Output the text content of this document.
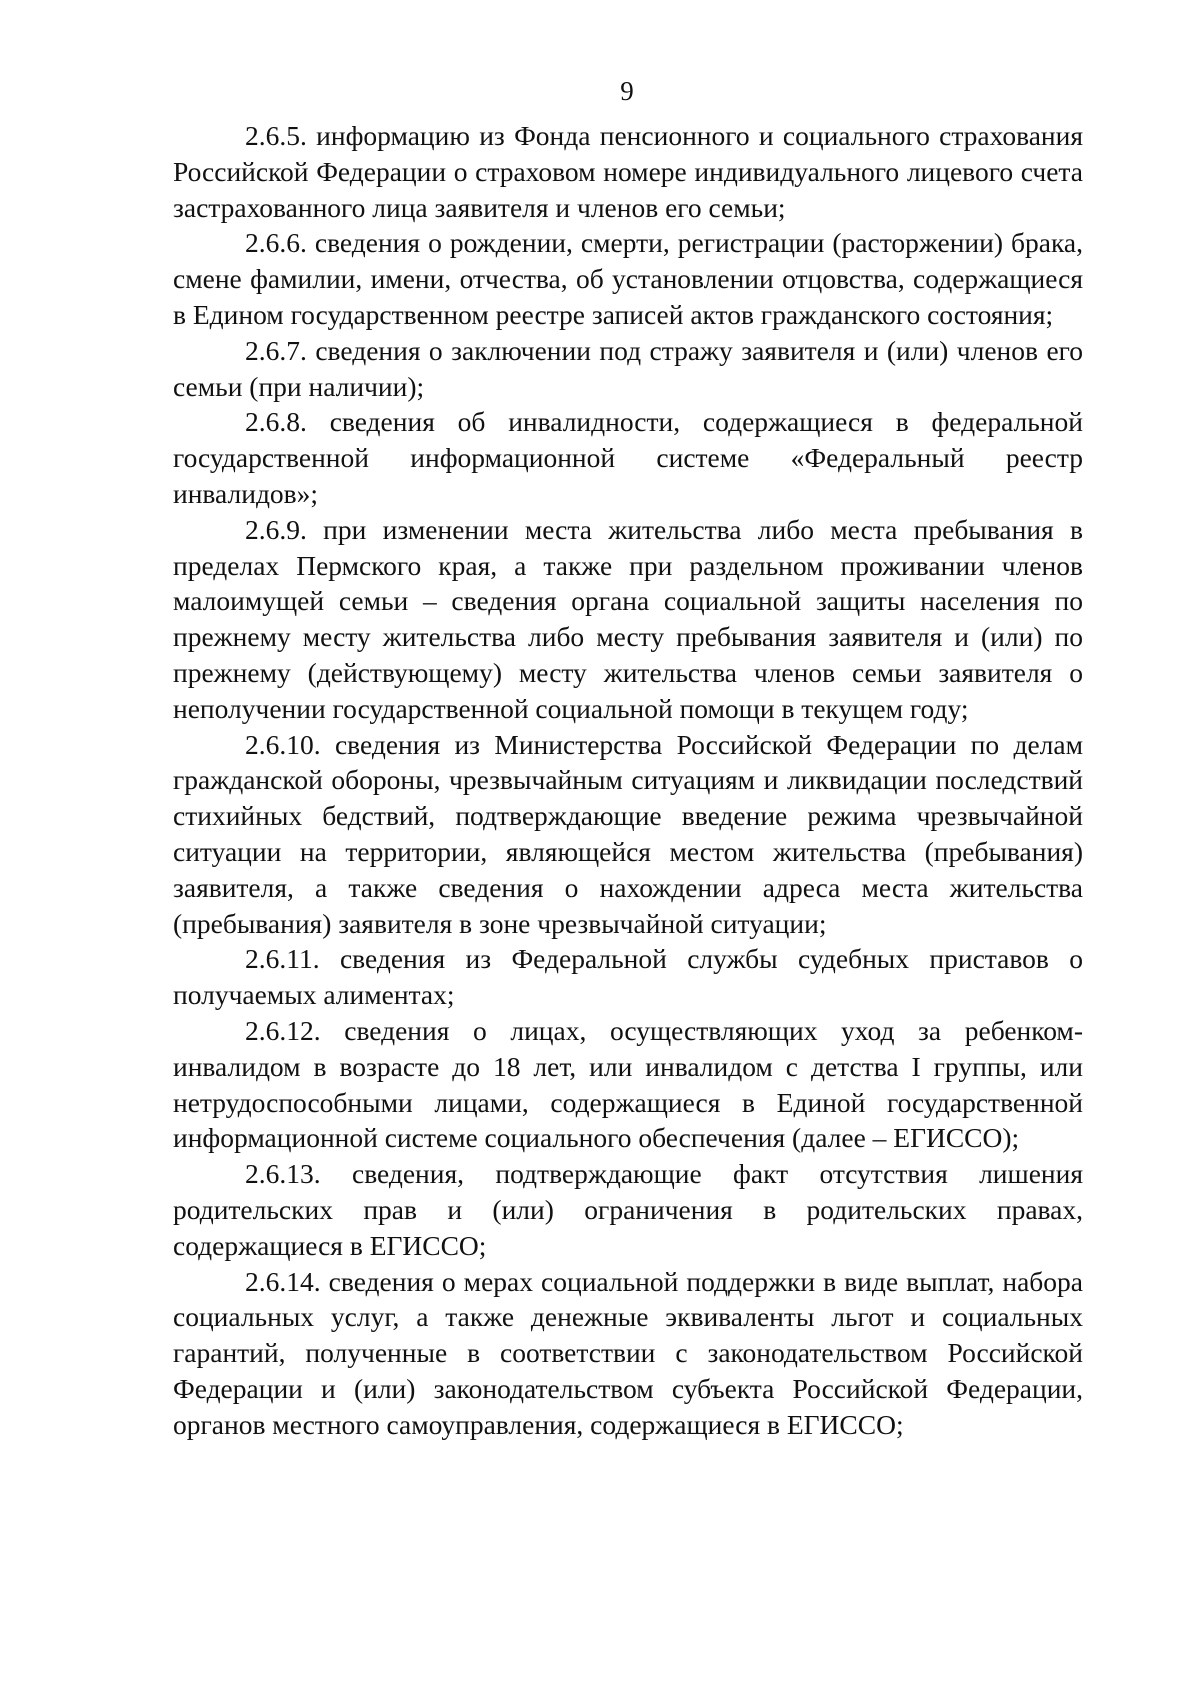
9

2.6.5. информацию из Фонда пенсионного и социального страхования Российской Федерации о страховом номере индивидуального лицевого счета застрахованного лица заявителя и членов его семьи;

2.6.6. сведения о рождении, смерти, регистрации (расторжении) брака, смене фамилии, имени, отчества, об установлении отцовства, содержащиеся в Едином государственном реестре записей актов гражданского состояния;

2.6.7. сведения о заключении под стражу заявителя и (или) членов его семьи (при наличии);

2.6.8. сведения об инвалидности, содержащиеся в федеральной государственной информационной системе «Федеральный реестр инвалидов»;

2.6.9. при изменении места жительства либо места пребывания в пределах Пермского края, а также при раздельном проживании членов малоимущей семьи – сведения органа социальной защиты населения по прежнему месту жительства либо месту пребывания заявителя и (или) по прежнему (действующему) месту жительства членов семьи заявителя о неполучении государственной социальной помощи в текущем году;

2.6.10. сведения из Министерства Российской Федерации по делам гражданской обороны, чрезвычайным ситуациям и ликвидации последствий стихийных бедствий, подтверждающие введение режима чрезвычайной ситуации на территории, являющейся местом жительства (пребывания) заявителя, а также сведения о нахождении адреса места жительства (пребывания) заявителя в зоне чрезвычайной ситуации;

2.6.11. сведения из Федеральной службы судебных приставов о получаемых алиментах;

2.6.12. сведения о лицах, осуществляющих уход за ребенком-инвалидом в возрасте до 18 лет, или инвалидом с детства I группы, или нетрудоспособными лицами, содержащиеся в Единой государственной информационной системе социального обеспечения (далее – ЕГИССО);

2.6.13. сведения, подтверждающие факт отсутствия лишения родительских прав и (или) ограничения в родительских правах, содержащиеся в ЕГИССО;

2.6.14. сведения о мерах социальной поддержки в виде выплат, набора социальных услуг, а также денежные эквиваленты льгот и социальных гарантий, полученные в соответствии с законодательством Российской Федерации и (или) законодательством субъекта Российской Федерации, органов местного самоуправления, содержащиеся в ЕГИССО;
